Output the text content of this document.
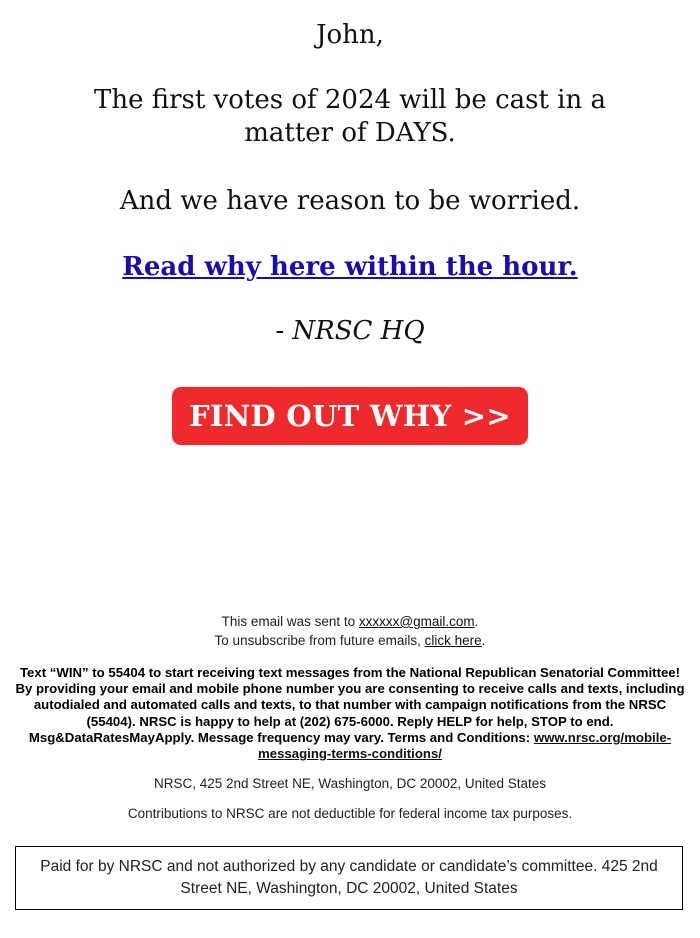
John,

The first votes of 2024 will be cast in a matter of DAYS.

And we have reason to be worried.

Read why here within the hour.

- NRSC HQ

FIND OUT WHY >>

This email was sent to xxxxxx@gmail.com.
To unsubscribe from future emails, click here.

Text “WIN” to 55404 to start receiving text messages from the National Republican Senatorial Committee! By providing your email and mobile phone number you are consenting to receive calls and texts, including autodialed and automated calls and texts, to that number with campaign notifications from the NRSC (55404). NRSC is happy to help at (202) 675-6000. Reply HELP for help, STOP to end. Msg&DataRatesMayApply. Message frequency may vary. Terms and Conditions: www.nrsc.org/mobile-messaging-terms-conditions/

NRSC, 425 2nd Street NE, Washington, DC 20002, United States

Contributions to NRSC are not deductible for federal income tax purposes.

Paid for by NRSC and not authorized by any candidate or candidate’s committee. 425 2nd Street NE, Washington, DC 20002, United States
